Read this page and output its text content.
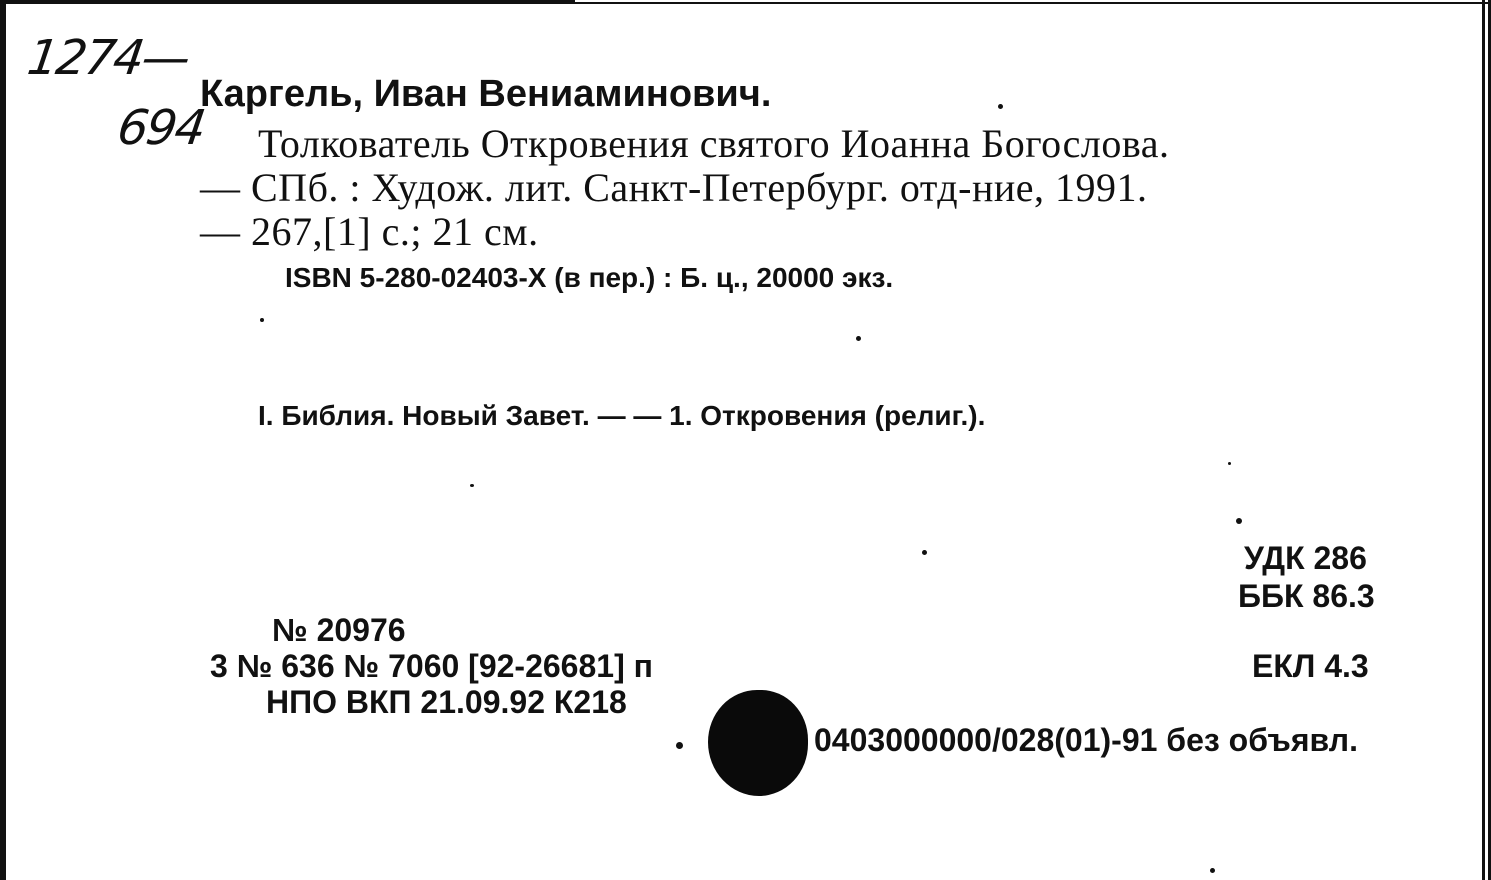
1274—
694
Каргель, Иван Вениаминович.
Толкователь Откровения святого Иоанна Богослова.
— СПб. : Худож. лит. Санкт-Петербург. отд-ние, 1991.
— 267,[1] с.; 21 см.
ISBN 5-280-02403-X (в пер.) : Б. ц., 20000 экз.
I. Библия. Новый Завет. — — 1. Откровения (религ.).
УДК 286
ББК 86.3
ЕКЛ 4.3
№ 20976
3 № 636 № 7060 [92-26681] п
НПО ВКП 21.09.92 К218
0403000000/028(01)-91 без объявл.
